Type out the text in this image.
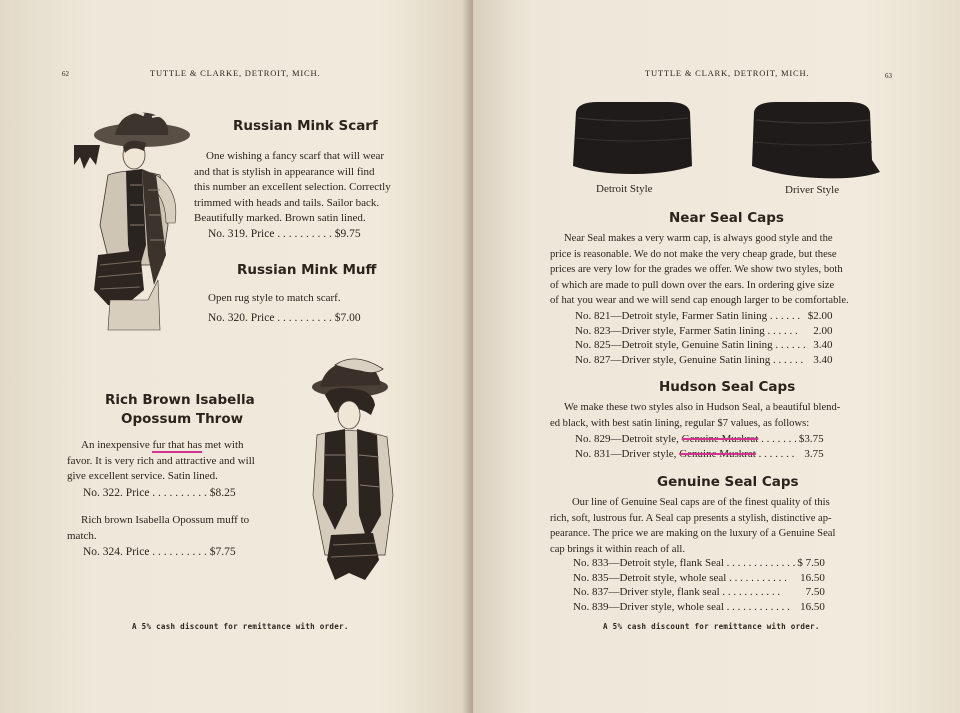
62	TUTTLE & CLARKE, DETROIT, MICH.
Russian Mink Scarf
One wishing a fancy scarf that will wear
and that is stylish in appearance will find
this number an excellent selection. Correctly
trimmed with heads and tails. Sailor back.
Beautifully marked. Brown satin lined.
No. 319. Price . . . . . . . . . . $9.75
Russian Mink Muff
Open rug style to match scarf.
No. 320. Price . . . . . . . . . . $7.00
Rich Brown Isabella
Opossum Throw
An inexpensive fur that has met with
favor. It is very rich and attractive and will
give excellent service. Satin lined.
No. 322. Price . . . . . . . . . . $8.25
Rich brown Isabella Opossum muff to
match.
No. 324. Price . . . . . . . . . . $7.75
A 5% cash discount for remittance with order.
TUTTLE & CLARK, DETROIT, MICH.	63
Detroit Style	Driver Style
Near Seal Caps
Near Seal makes a very warm cap, is always good style and the
price is reasonable. We do not make the very cheap grade, but these
prices are very low for the grades we offer. We show two styles, both
of which are made to pull down over the ears. In ordering give size
of hat you wear and we will send cap enough larger to be comfortable.
No. 821—Detroit style, Farmer Satin lining . . . . . .	$2.00
No. 823—Driver style, Farmer Satin lining . . . . . .	2.00
No. 825—Detroit style, Genuine Satin lining . . . . . .	3.40
No. 827—Driver style, Genuine Satin lining . . . . . .	3.40
Hudson Seal Caps
We make these two styles also in Hudson Seal, a beautiful blend-
ed black, with best satin lining, regular $7 values, as follows:
No. 829—Detroit style, Genuine Muskrat . . . . . . .	$3.75
No. 831—Driver style, Genuine Muskrat . . . . . . .	3.75
Genuine Seal Caps
Our line of Genuine Seal caps are of the finest quality of this
rich, soft, lustrous fur. A Seal cap presents a stylish, distinctive ap-
pearance. The price we are making on the luxury of a Genuine Seal
cap brings it within reach of all.
No. 833—Detroit style, flank Seal . . . . . . . . . . . . .	$ 7.50
No. 835—Detroit style, whole seal . . . . . . . . . . .	16.50
No. 837—Driver style, flank seal . . . . . . . . . . .	7.50
No. 839—Driver style, whole seal . . . . . . . . . . . .	16.50
A 5% cash discount for remittance with order.
